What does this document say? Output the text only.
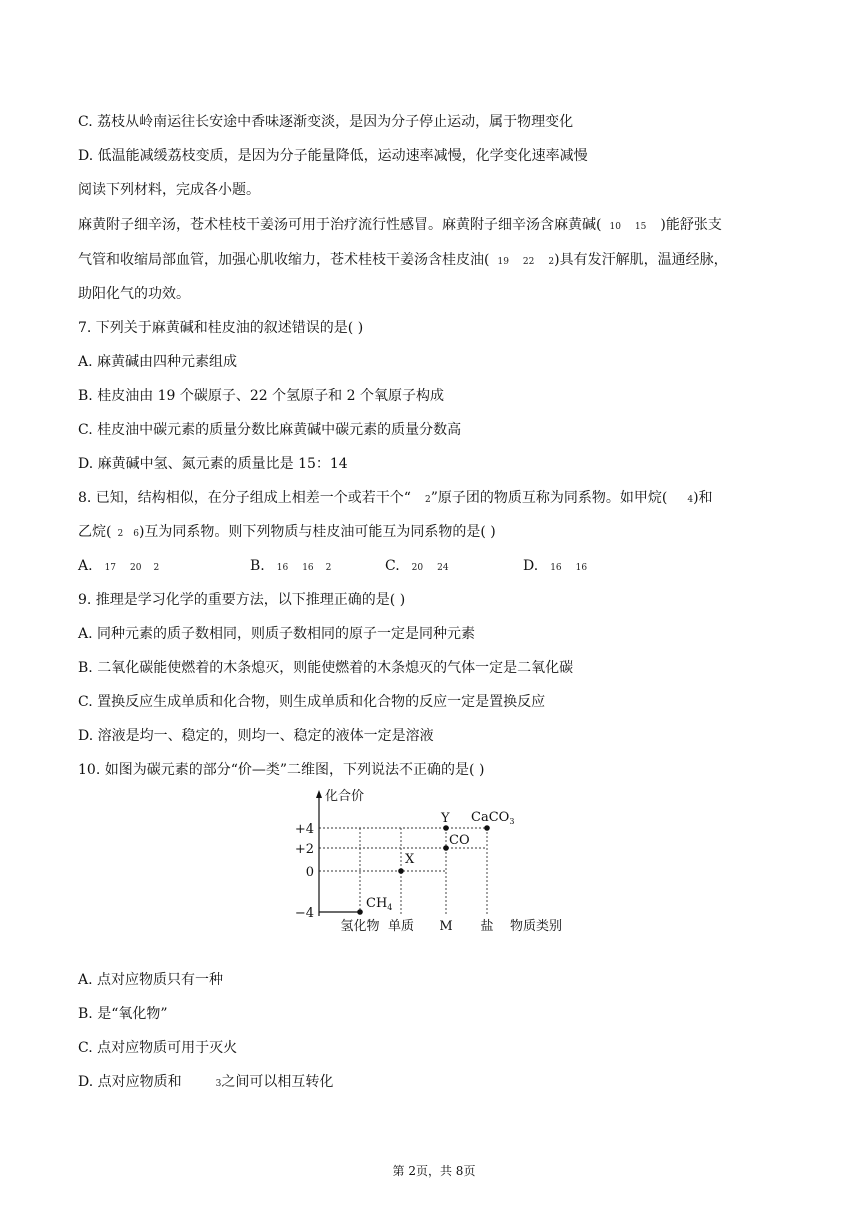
C. 荔枝从岭南运往长安途中香味逐渐变淡，是因为分子停止运动，属于物理变化
D. 低温能减缓荔枝变质，是因为分子能量降低，运动速率减慢，化学变化速率减慢
阅读下列材料，完成各小题。
麻黄附子细辛汤，苍术桂枝干姜汤可用于治疗流行性感冒。麻黄附子细辛汤含麻黄碱( 10 15 )能舒张支
气管和收缩局部血管，加强心肌收缩力，苍术桂枝干姜汤含桂皮油( 19 22 2)具有发汗解肌，温通经脉，
助阳化气的功效。
7. 下列关于麻黄碱和桂皮油的叙述错误的是( )
A. 麻黄碱由四种元素组成
B. 桂皮油由 19 个碳原子、22 个氢原子和 2 个氧原子构成
C. 桂皮油中碳元素的质量分数比麻黄碱中碳元素的质量分数高
D. 麻黄碱中氢、氮元素的质量比是 15：14
8. 已知，结构相似，在分子组成上相差一个或若干个“ 2”原子团的物质互称为同系物。如甲烷( 4)和
乙烷( 2 6)互为同系物。则下列物质与桂皮油可能互为同系物的是( )
A. 17 20 2	B. 16 16 2	C. 20 24	D. 16 16
9. 推理是学习化学的重要方法，以下推理正确的是( )
A. 同种元素的质子数相同，则质子数相同的原子一定是同种元素
B. 二氧化碳能使燃着的木条熄灭，则能使燃着的木条熄灭的气体一定是二氧化碳
C. 置换反应生成单质和化合物，则生成单质和化合物的反应一定是置换反应
D. 溶液是均一、稳定的，则均一、稳定的液体一定是溶液
10. 如图为碳元素的部分“价—类”二维图，下列说法不正确的是( )
化合价
物质类别
+4
+2
0
−4
氢化物 单质 M 盐
$CH_4$
X
Y
CO
CaCO$_3$
A. 点对应物质只有一种
B. 是“氧化物”
C. 点对应物质可用于灭火
D. 点对应物质和	3之间可以相互转化
第 2页，共 8页
